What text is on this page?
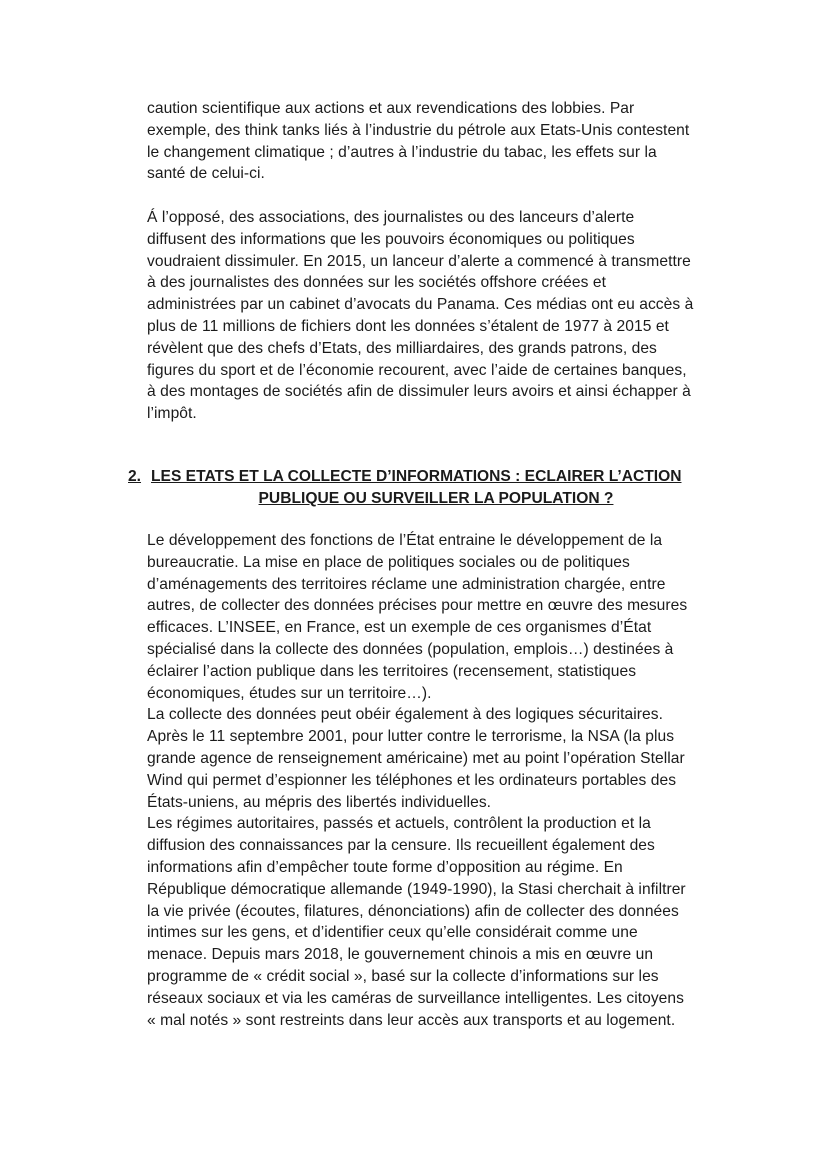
caution scientifique aux actions et aux revendications des lobbies. Par
exemple, des think tanks liés à l’industrie du pétrole aux Etats-Unis contestent
le changement climatique ; d’autres à l’industrie du tabac, les effets sur la
santé de celui-ci.

Á l’opposé, des associations, des journalistes ou des lanceurs d’alerte
diffusent des informations que les pouvoirs économiques ou politiques
voudraient dissimuler. En 2015, un lanceur d’alerte a commencé à transmettre
à des journalistes des données sur les sociétés offshore créées et
administrées par un cabinet d’avocats du Panama. Ces médias ont eu accès à
plus de 11 millions de fichiers dont les données s’étalent de 1977 à 2015 et
révèlent que des chefs d’Etats, des milliardaires, des grands patrons, des
figures du sport et de l’économie recourent, avec l’aide de certaines banques,
à des montages de sociétés afin de dissimuler leurs avoirs et ainsi échapper à
l’impôt.

2. LES ETATS ET LA COLLECTE D’INFORMATIONS : ECLAIRER L’ACTION
PUBLIQUE OU SURVEILLER LA POPULATION ?

Le développement des fonctions de l’État entraine le développement de la
bureaucratie. La mise en place de politiques sociales ou de politiques
d’aménagements des territoires réclame une administration chargée, entre
autres, de collecter des données précises pour mettre en œuvre des mesures
efficaces. L’INSEE, en France, est un exemple de ces organismes d’État
spécialisé dans la collecte des données (population, emplois…) destinées à
éclairer l’action publique dans les territoires (recensement, statistiques
économiques, études sur un territoire…).
La collecte des données peut obéir également à des logiques sécuritaires.
Après le 11 septembre 2001, pour lutter contre le terrorisme, la NSA (la plus
grande agence de renseignement américaine) met au point l’opération Stellar
Wind qui permet d’espionner les téléphones et les ordinateurs portables des
États-uniens, au mépris des libertés individuelles.
Les régimes autoritaires, passés et actuels, contrôlent la production et la
diffusion des connaissances par la censure. Ils recueillent également des
informations afin d’empêcher toute forme d’opposition au régime. En
République démocratique allemande (1949-1990), la Stasi cherchait à infiltrer
la vie privée (écoutes, filatures, dénonciations) afin de collecter des données
intimes sur les gens, et d’identifier ceux qu’elle considérait comme une
menace. Depuis mars 2018, le gouvernement chinois a mis en œuvre un
programme de « crédit social », basé sur la collecte d’informations sur les
réseaux sociaux et via les caméras de surveillance intelligentes. Les citoyens
« mal notés » sont restreints dans leur accès aux transports et au logement.
